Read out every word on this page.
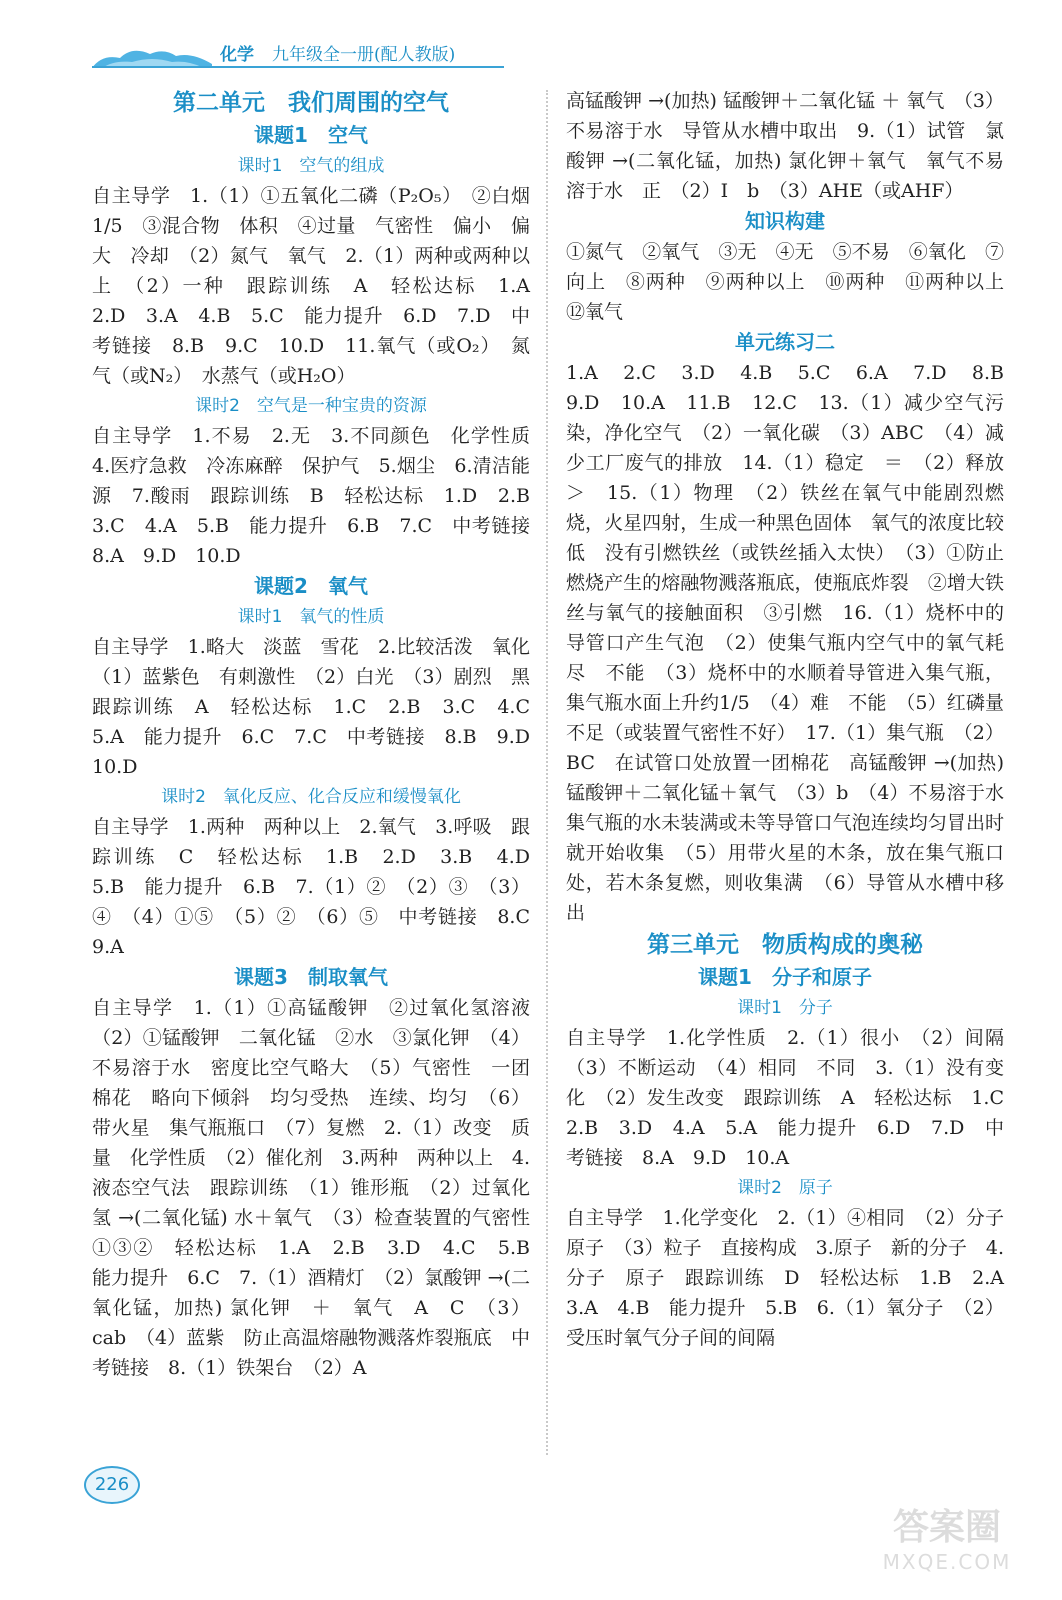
化学 九年级全一册(配人教版)
第二单元　我们周围的空气
课题1　空气
课时1　空气的组成
自主导学　1.（1）①五氧化二磷（P₂O₅）　②白烟　1/5　③混合物　体积　④过量　气密性　偏小　偏大　冷却　（2）氮气　氧气　2.（1）两种或两种以上　（2）一种　跟踪训练　A　轻松达标　1.A　2.D　3.A　4.B　5.C　能力提升　6.D　7.D　中考链接　8.B　9.C　10.D　11.氧气（或O₂）　氮气（或N₂）　水蒸气（或H₂O）
课时2　空气是一种宝贵的资源
自主导学　1.不易　2.无　3.不同颜色　化学性质　4.医疗急救　冷冻麻醉　保护气　5.烟尘　6.清洁能源　7.酸雨　跟踪训练　B　轻松达标　1.D　2.B　3.C　4.A　5.B　能力提升　6.B　7.C　中考链接　8.A　9.D　10.D
课题2　氧气
课时1　氧气的性质
自主导学　1.略大　淡蓝　雪花　2.比较活泼　氧化　（1）蓝紫色　有刺激性　（2）白光　（3）剧烈　黑　跟踪训练　A　轻松达标　1.C　2.B　3.C　4.C　5.A　能力提升　6.C　7.C　中考链接　8.B　9.D　10.D
课时2　氧化反应、化合反应和缓慢氧化
自主导学　1.两种　两种以上　2.氧气　3.呼吸　跟踪训练　C　轻松达标　1.B　2.D　3.B　4.D　5.B　能力提升　6.B　7.（1）②　（2）③　（3）④　（4）①⑤　（5）②　（6）⑤　中考链接　8.C　9.A
课题3　制取氧气
自主导学　1.（1）①高锰酸钾　②过氧化氢溶液　（2）①锰酸钾　二氧化锰　②水　③氯化钾　（4）不易溶于水　密度比空气略大　（5）气密性　一团棉花　略向下倾斜　均匀受热　连续、均匀　（6）带火星　集气瓶瓶口　（7）复燃　2.（1）改变　质量　化学性质　（2）催化剂　3.两种　两种以上　4.液态空气法　跟踪训练　（1）锥形瓶　（2）过氧化氢 →(二氧化锰) 水＋氧气　（3）检查装置的气密性　①③②　轻松达标　1.A　2.B　3.D　4.C　5.B　能力提升　6.C　7.（1）酒精灯　（2）氯酸钾 →(二氧化锰，加热) 氯化钾　＋　氧气　A　C　（3）cab　（4）蓝紫　防止高温熔融物溅落炸裂瓶底　中考链接　8.（1）铁架台　（2）A
高锰酸钾 →(加热) 锰酸钾＋二氧化锰 ＋ 氧气　（3）不易溶于水　导管从水槽中取出　9.（1）试管　氯酸钾 →(二氧化锰，加热) 氯化钾＋氧气　氧气不易溶于水　正　（2）I　b　（3）AHE（或AHF）
知识构建
①氮气　②氧气　③无　④无　⑤不易　⑥氧化　⑦向上　⑧两种　⑨两种以上　⑩两种　⑪两种以上　⑫氧气
单元练习二
1.A　2.C　3.D　4.B　5.C　6.A　7.D　8.B　9.D　10.A　11.B　12.C　13.（1）减少空气污染，净化空气　（2）一氧化碳　（3）ABC　（4）减少工厂废气的排放　14.（1）稳定　＝　（2）释放　＞　15.（1）物理　（2）铁丝在氧气中能剧烈燃烧，火星四射，生成一种黑色固体　氧气的浓度比较低　没有引燃铁丝（或铁丝插入太快）　（3）①防止燃烧产生的熔融物溅落瓶底，使瓶底炸裂　②增大铁丝与氧气的接触面积　③引燃　16.（1）烧杯中的导管口产生气泡　（2）使集气瓶内空气中的氧气耗尽　不能　（3）烧杯中的水顺着导管进入集气瓶，集气瓶水面上升约1/5　（4）难　不能　（5）红磷量不足（或装置气密性不好）　17.（1）集气瓶　（2）BC　在试管口处放置一团棉花　高锰酸钾 →(加热) 锰酸钾＋二氧化锰＋氧气　（3）b　（4）不易溶于水　集气瓶的水未装满或未等导管口气泡连续均匀冒出时就开始收集　（5）用带火星的木条，放在集气瓶口处，若木条复燃，则收集满　（6）导管从水槽中移出
第三单元　物质构成的奥秘
课题1　分子和原子
课时1　分子
自主导学　1.化学性质　2.（1）很小　（2）间隔　（3）不断运动　（4）相同　不同　3.（1）没有变化　（2）发生改变　跟踪训练　A　轻松达标　1.C　2.B　3.D　4.A　5.A　能力提升　6.D　7.D　中考链接　8.A　9.D　10.A
课时2　原子
自主导学　1.化学变化　2.（1）④相同　（2）分子　原子　（3）粒子　直接构成　3.原子　新的分子　4.分子　原子　跟踪训练　D　轻松达标　1.B　2.A　3.A　4.B　能力提升　5.B　6.（1）氧分子　（2）受压时氧气分子间的间隔
226
答案圈
MXQE.COM
